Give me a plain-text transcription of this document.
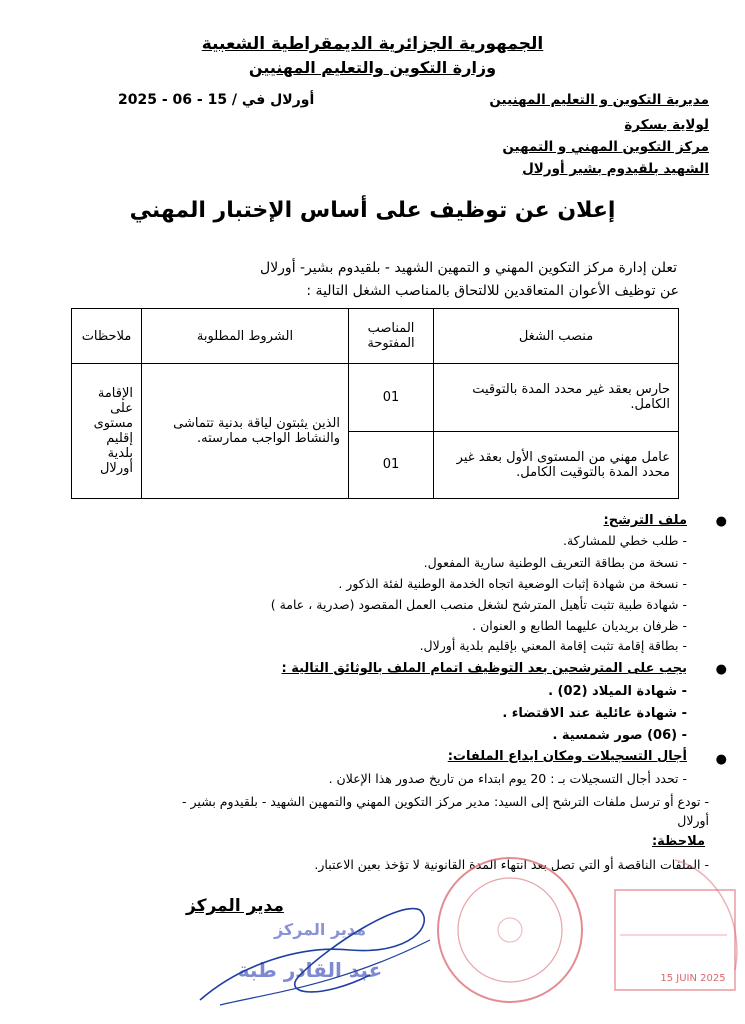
الجمهورية الجزائرية الديمقراطية الشعبية
وزارة التكوين والتعليم المهنيين
مديرية التكوين و التعليم المهنيين
لولاية بسكرة
مركز التكوين المهني و التمهين
الشهيد بلقيدوم بشير أورلال
أورلال في / 15 - 06 - 2025
إعلان عن توظيف على أساس الإختبار المهني
تعلن إدارة مركز التكوين المهني و التمهين الشهيد - بلقيدوم بشير- أورلال
عن توظيف الأعوان المتعاقدين للالتحاق بالمناصب الشغل التالية :
منصب الشغل	المناصب المفتوحة	الشروط المطلوبة	ملاحظات
حارس بعقد غير محدد المدة بالتوقيت الكامل.	01	الذين يثبتون لياقة بدنية تتماشى والنشاط الواجب ممارسته.	الإقامة على مستوى إقليم بلدية أورلال
عامل مهني من المستوى الأول بعقد غير محدد المدة بالتوقيت الكامل.	01		
●
ملف الترشح:
- طلب خطي للمشاركة.
- نسخة من بطاقة التعريف الوطنية سارية المفعول.
- نسخة من شهادة إثبات الوضعية اتجاه الخدمة الوطنية لفئة الذكور .
- شهادة طبية تثبت تأهيل المترشح لشغل منصب العمل المقصود (صدرية ، عامة )
- ظرفان بريديان عليهما الطابع و العنوان .
- بطاقة إقامة تثبت إقامة المعني بإقليم بلدية أورلال.
●
يجب على المترشحين بعد التوظيف اتمام الملف بالوثائق التالية :
- شهادة الميلاد (02) .
- شهادة عائلية عند الاقتضاء .
- (06) صور شمسية .
●
أجال التسجيلات ومكان ايداع الملفات:
- تحدد أجال التسجيلات بـ : 20 يوم ابتداء من تاريخ صدور هذا الإعلان .
- تودع أو ترسل ملفات الترشح إلى السيد: مدير مركز التكوين المهني والتمهين الشهيد - بلقيدوم بشير -
أورلال
ملاحظة:
- الملفات الناقصة أو التي تصل بعد انتهاء المدة القانونية لا تؤخذ بعين الاعتبار.
مدير المركز
مدير المركز
عبد القادر طبة	15 JUIN 2025
